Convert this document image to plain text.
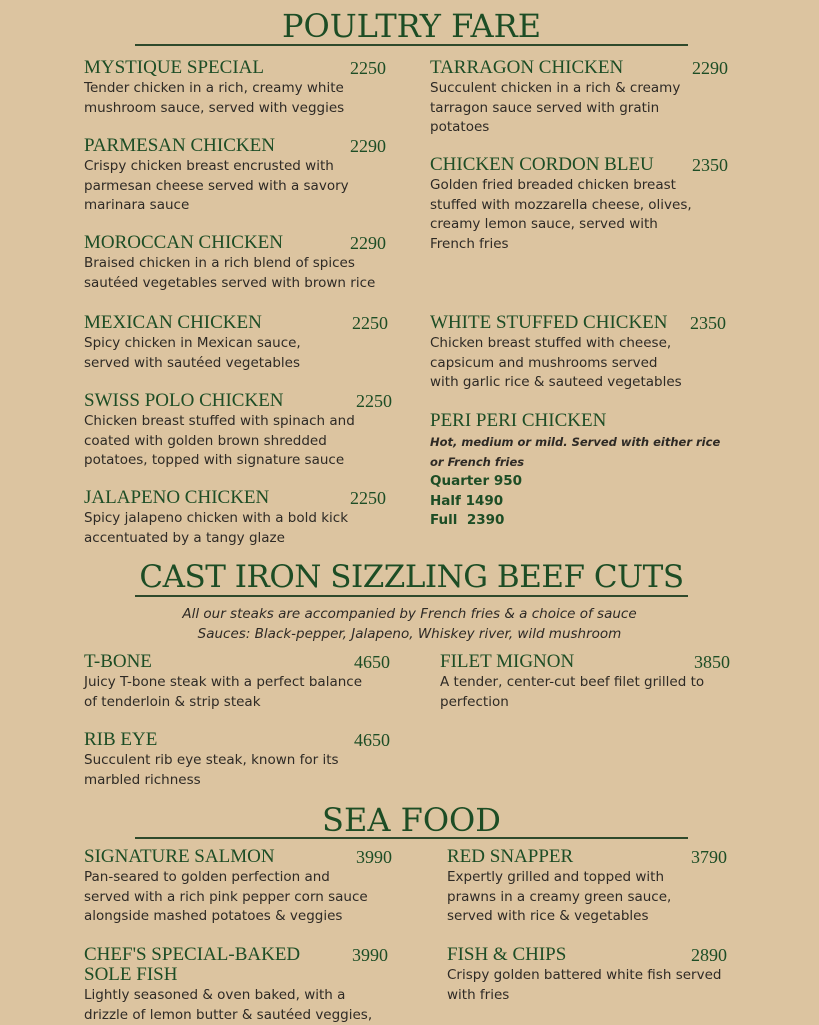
POULTRY FARE
MYSTIQUE SPECIAL	2250
Tender chicken in a rich, creamy white
mushroom sauce, served with veggies
PARMESAN CHICKEN	2290
Crispy chicken breast encrusted with
parmesan cheese served with a savory
marinara sauce
MOROCCAN CHICKEN	2290
Braised chicken in a rich blend of spices
sautéed vegetables served with brown rice
MEXICAN CHICKEN	2250
Spicy chicken in Mexican sauce,
served with sautéed vegetables
SWISS POLO CHICKEN	2250
Chicken breast stuffed with spinach and
coated with golden brown shredded
potatoes, topped with signature sauce
JALAPENO CHICKEN	2250
Spicy jalapeno chicken with a bold kick
accentuated by a tangy glaze
TARRAGON CHICKEN	2290
Succulent chicken in a rich & creamy
tarragon sauce served with gratin
potatoes
CHICKEN CORDON BLEU	2350
Golden fried breaded chicken breast
stuffed with mozzarella cheese, olives,
creamy lemon sauce, served with
French fries
WHITE STUFFED CHICKEN	2350
Chicken breast stuffed with cheese,
capsicum and mushrooms served
with garlic rice & sauteed vegetables
PERI PERI CHICKEN
Hot, medium or mild. Served with either rice
or French fries
Quarter 950
Half 1490
Full  2390
CAST IRON SIZZLING BEEF CUTS
All our steaks are accompanied by French fries & a choice of sauce
Sauces: Black-pepper, Jalapeno, Whiskey river, wild mushroom
T-BONE	4650
Juicy T-bone steak with a perfect balance
of tenderloin & strip steak
RIB EYE	4650
Succulent rib eye steak, known for its
marbled richness
FILET MIGNON	3850
A tender, center-cut beef filet grilled to
perfection
SEA FOOD
SIGNATURE SALMON	3990
Pan-seared to golden perfection and
served with a rich pink pepper corn sauce
alongside mashed potatoes & veggies
CHEF'S SPECIAL-BAKED
SOLE FISH
3990
Lightly seasoned & oven baked, with a
drizzle of lemon butter & sautéed veggies,
RED SNAPPER	3790
Expertly grilled and topped with
prawns in a creamy green sauce,
served with rice & vegetables
FISH & CHIPS	2890
Crispy golden battered white fish served
with fries
